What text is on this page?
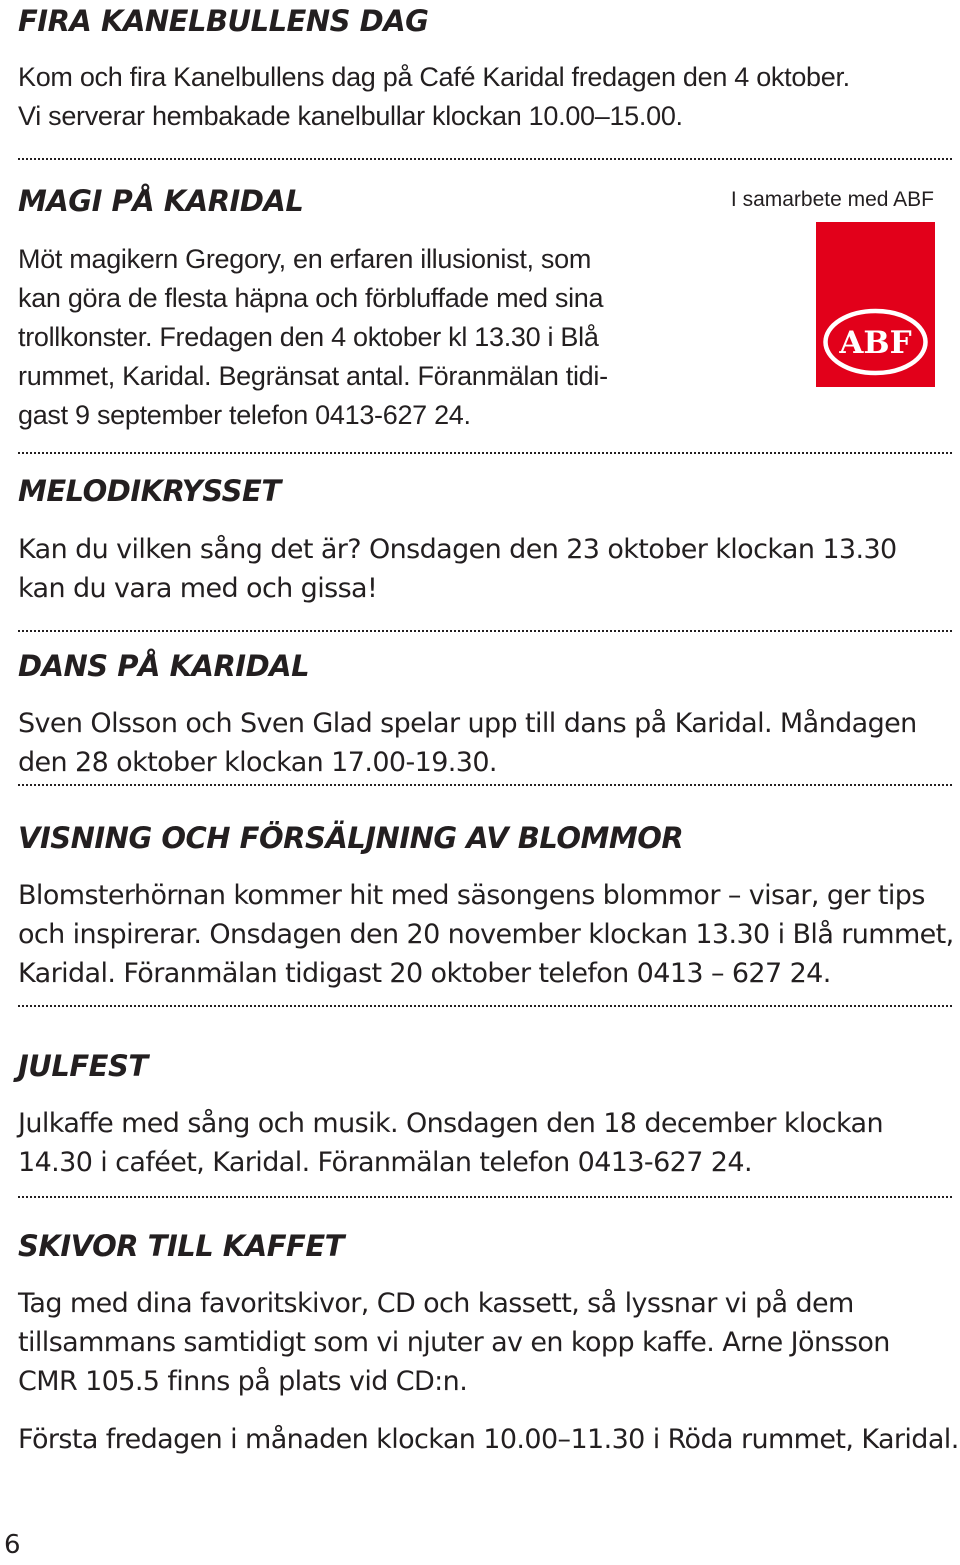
FIRA KANELBULLENS DAG

Kom och fira Kanelbullens dag på Café Karidal fredagen den 4 oktober.
Vi serverar hembakade kanelbullar klockan 10.00–15.00.

MAGI PÅ KARIDAL

Möt magikern Gregory, en erfaren illusionist, som
kan göra de flesta häpna och förbluffade med sina
trollkonster. Fredagen den 4 oktober kl 13.30 i Blå
rummet, Karidal. Begränsat antal. Föranmälan tidi-
gast 9 september telefon 0413-627 24.

I samarbete med ABF
ABF
MELODIKRYSSET

Kan du vilken sång det är? Onsdagen den 23 oktober klockan 13.30
kan du vara med och gissa!

DANS PÅ KARIDAL

Sven Olsson och Sven Glad spelar upp till dans på Karidal. Måndagen
den 28 oktober klockan 17.00-19.30.

VISNING OCH FÖRSÄLJNING AV BLOMMOR

Blomsterhörnan kommer hit med säsongens blommor – visar, ger tips
och inspirerar. Onsdagen den 20 november klockan 13.30 i Blå rummet,
Karidal. Föranmälan tidigast 20 oktober telefon 0413 – 627 24.

JULFEST

Julkaffe med sång och musik. Onsdagen den 18 december klockan
14.30 i caféet, Karidal. Föranmälan telefon 0413-627 24.

SKIVOR TILL KAFFET

Tag med dina favoritskivor, CD och kassett, så lyssnar vi på dem
tillsammans samtidigt som vi njuter av en kopp kaffe. Arne Jönsson
CMR 105.5 finns på plats vid CD:n.

Första fredagen i månaden klockan 10.00–11.30 i Röda rummet, Karidal.

6
